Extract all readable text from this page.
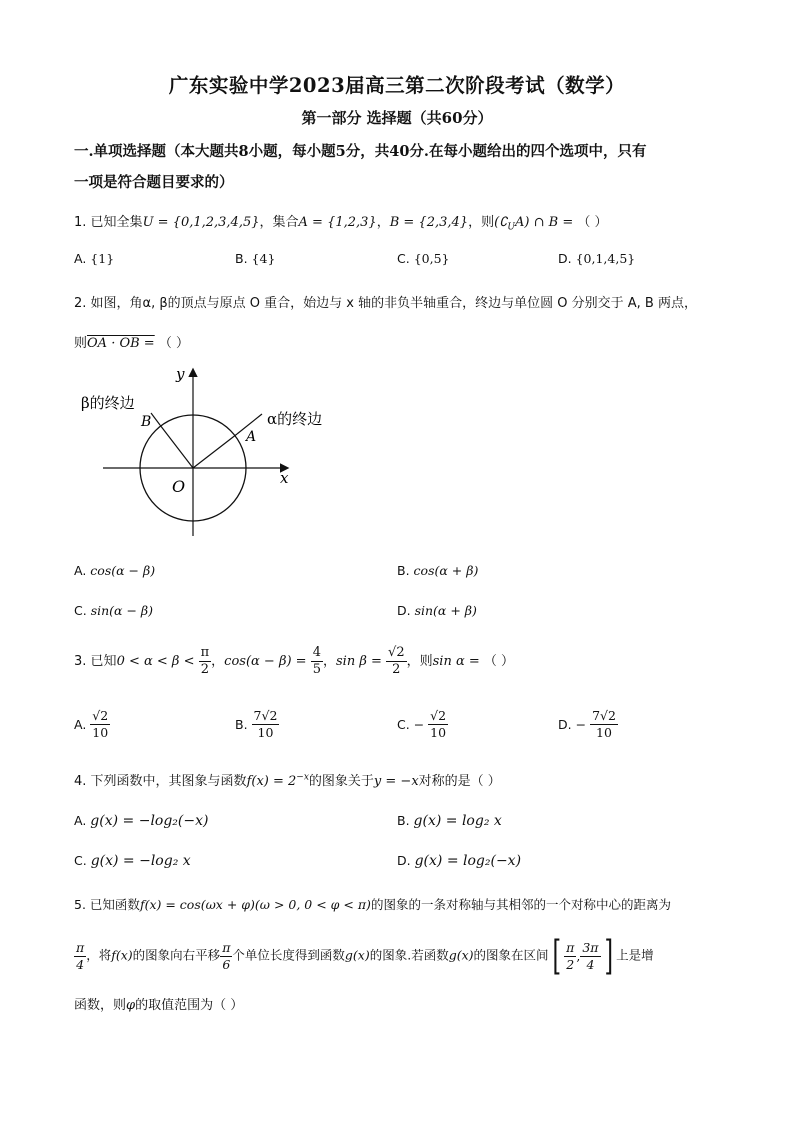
广东实验中学2023届高三第二次阶段考试（数学）
第一部分 选择题（共60分）
一.单项选择题（本大题共8小题，每小题5分，共40分.在每小题给出的四个选项中，只有
一项是符合题目要求的）
1. 已知全集U = {0,1,2,3,4,5}，集合A = {1,2,3}，B = {2,3,4}，则$(∁_UA)$ ∩ B = （ ）
A. {1}	B. {4}	C. {0,5}	D. {0,1,4,5}
2. 如图，角α, β的顶点与原点 O 重合，始边与 x 轴的非负半轴重合，终边与单位圆 O 分别交于 A, B 两点，
则OA · OB = （ ）
y
x
O
A
B
β的终边
α的终边
A. cos(α − β)	B. cos(α + β)
C. sin(α − β)	D. sin(α + β)
3. 已知$0 < \alpha < \beta < \frac{\pi}{2}$ ，$\cos(\alpha - \beta) = \frac{4}{5}$ ，$\sin \beta = \frac{√2}{2}$ ，则sin α = （ ）
A. $\frac{√2}{10}$	B. $\frac{7√2}{10}$	C. − $\frac{√2}{10}$	D. − $\frac{7√2}{10}$
4. 下列函数中，其图象与函数$f(x) = 2^{-x}$的图象关于y = −x对称的是（ ）
A. g(x) = −log₂(−x)	B. g(x) = log₂ x
C. g(x) = −log₂ x	D. g(x) = log₂(−x)
5. 已知函数f(x) = cos(ωx + φ)(ω > 0, 0 < φ < π)的图象的一条对称轴与其相邻的一个对称中心的距离为
$\frac{\pi}{4}$ ，将f(x)的图象向右平移 $\frac{\pi}{6}$ 个单位长度得到函数g(x)的图象.若函数g(x)的图象在区间[ $\frac{\pi}{2}$ , $\frac{3\pi}{4}$ ] 上是增
函数，则φ的取值范围为（ ）
